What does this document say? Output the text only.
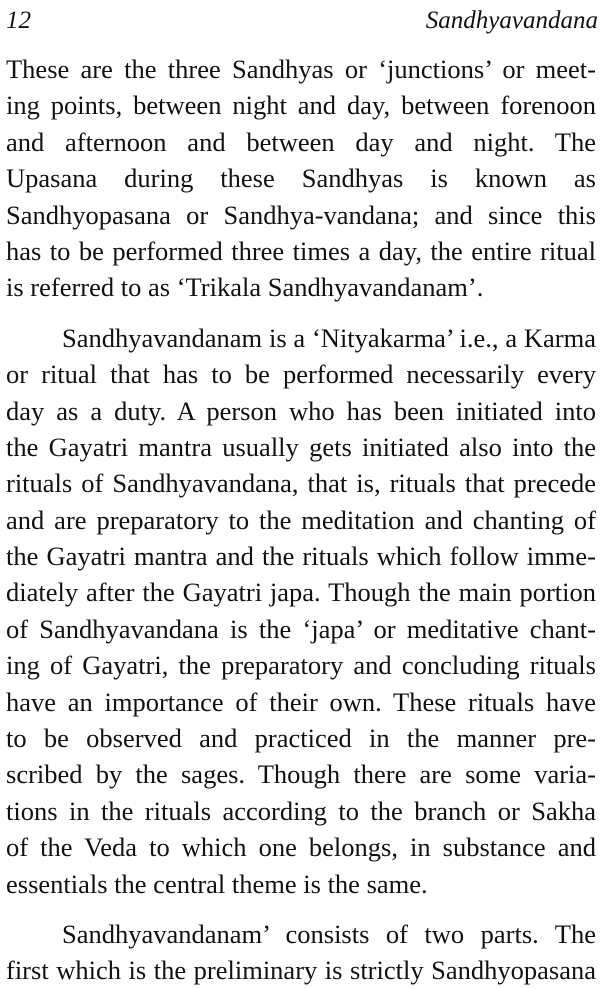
12	Sandhyavandana
These are the three Sandhyas or ‘junctions’ or meet-
ing points, between night and day, between forenoon
and afternoon and between day and night. The
Upasana during these Sandhyas is known as
Sandhyopasana or Sandhya-vandana; and since this
has to be performed three times a day, the entire ritual
is referred to as ‘Trikala Sandhyavandanam’.
Sandhyavandanam is a ‘Nityakarma’ i.e., a Karma
or ritual that has to be performed necessarily every
day as a duty. A person who has been initiated into
the Gayatri mantra usually gets initiated also into the
rituals of Sandhyavandana, that is, rituals that precede
and are preparatory to the meditation and chanting of
the Gayatri mantra and the rituals which follow imme-
diately after the Gayatri japa. Though the main portion
of Sandhyavandana is the ‘japa’ or meditative chant-
ing of Gayatri, the preparatory and concluding rituals
have an importance of their own. These rituals have
to be observed and practiced in the manner pre-
scribed by the sages. Though there are some varia-
tions in the rituals according to the branch or Sakha
of the Veda to which one belongs, in substance and
essentials the central theme is the same.
Sandhyavandanam’ consists of two parts. The
first which is the preliminary is strictly Sandhyopasana
